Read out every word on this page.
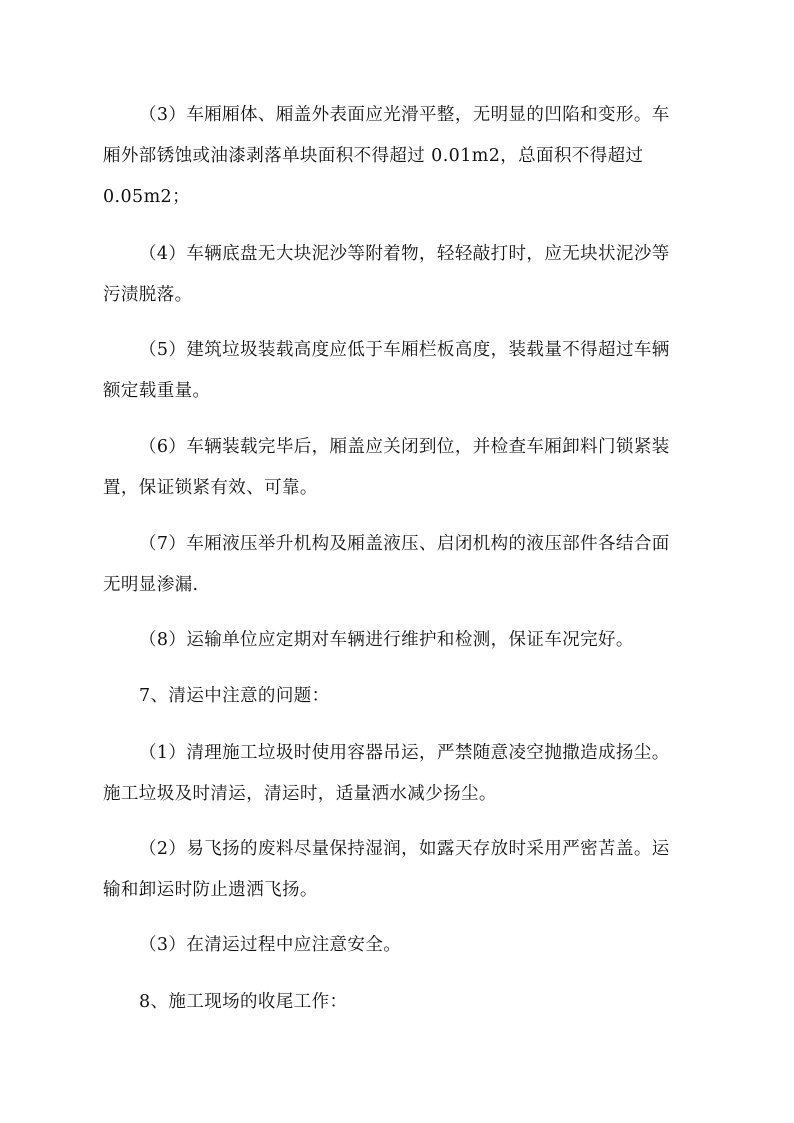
（3）车厢厢体、厢盖外表面应光滑平整，无明显的凹陷和变形。车
厢外部锈蚀或油漆剥落单块面积不得超过 0.01m2，总面积不得超过
0.05m2；

（4）车辆底盘无大块泥沙等附着物，轻轻敲打时，应无块状泥沙等
污渍脱落。

（5）建筑垃圾装载高度应低于车厢栏板高度，装载量不得超过车辆
额定载重量。

（6）车辆装载完毕后，厢盖应关闭到位，并检查车厢卸料门锁紧装
置，保证锁紧有效、可靠。

（7）车厢液压举升机构及厢盖液压、启闭机构的液压部件各结合面
无明显渗漏.

（8）运输单位应定期对车辆进行维护和检测，保证车况完好。

7、清运中注意的问题：

（1）清理施工垃圾时使用容器吊运，严禁随意凌空抛撒造成扬尘。
施工垃圾及时清运，清运时，适量洒水减少扬尘。

（2）易飞扬的废料尽量保持湿润，如露天存放时采用严密苫盖。运
输和卸运时防止遗洒飞扬。

（3）在清运过程中应注意安全。

8、施工现场的收尾工作：
